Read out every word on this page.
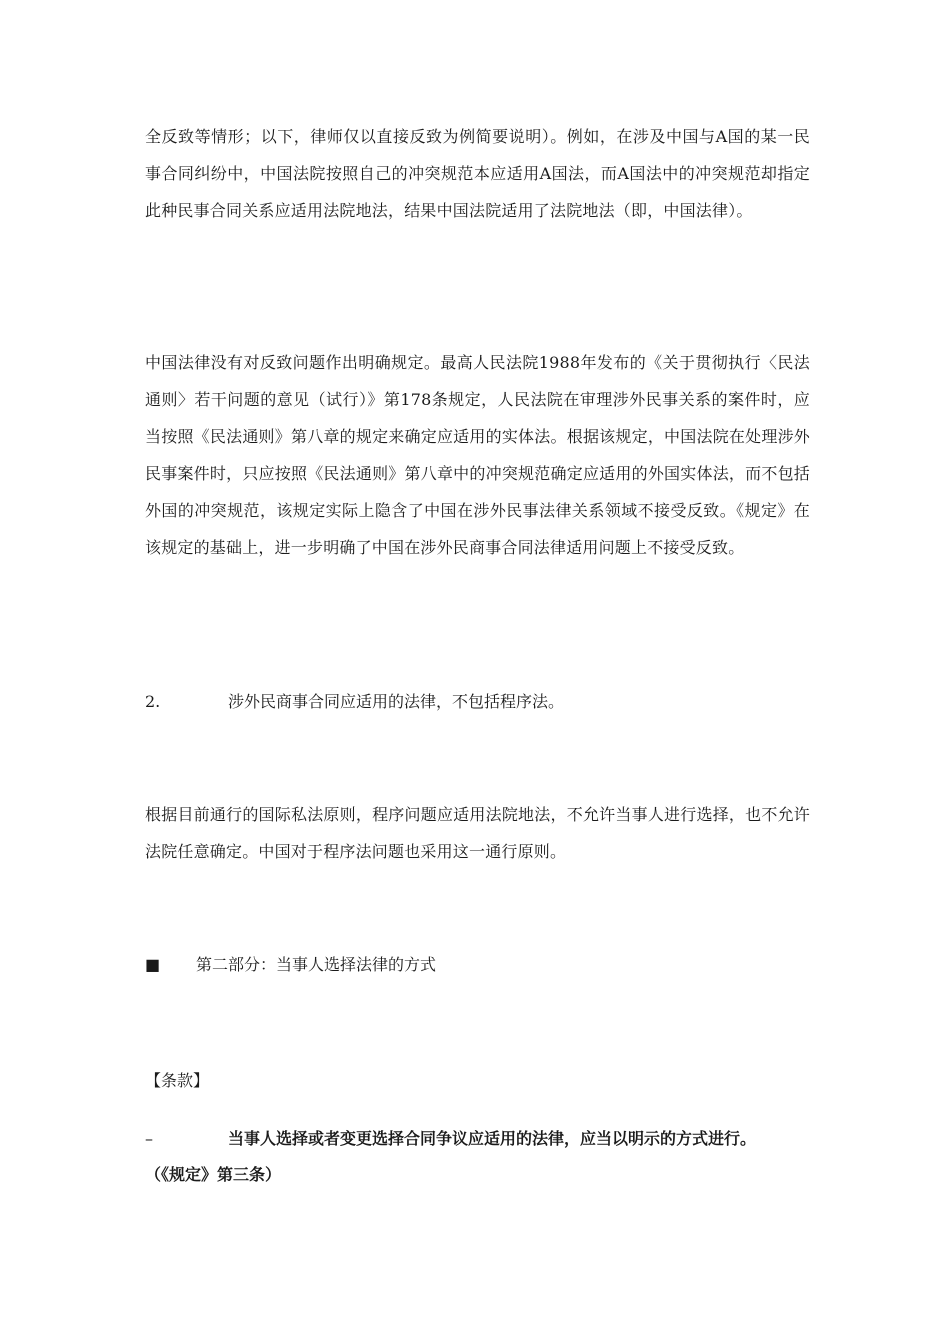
全反致等情形；以下，律师仅以直接反致为例简要说明）。例如，在涉及中国与A国的某一民事合同纠纷中，中国法院按照自己的冲突规范本应适用A国法，而A国法中的冲突规范却指定此种民事合同关系应适用法院地法，结果中国法院适用了法院地法（即，中国法律）。

中国法律没有对反致问题作出明确规定。最高人民法院1988年发布的《关于贯彻执行〈民法通则〉若干问题的意见（试行）》第178条规定，人民法院在审理涉外民事关系的案件时，应当按照《民法通则》第八章的规定来确定应适用的实体法。根据该规定，中国法院在处理涉外民事案件时，只应按照《民法通则》第八章中的冲突规范确定应适用的外国实体法，而不包括外国的冲突规范，该规定实际上隐含了中国在涉外民事法律关系领域不接受反致。《规定》在该规定的基础上，进一步明确了中国在涉外民商事合同法律适用问题上不接受反致。

2.	涉外民商事合同应适用的法律，不包括程序法。

根据目前通行的国际私法原则，程序问题应适用法院地法，不允许当事人进行选择，也不允许法院任意确定。中国对于程序法问题也采用这一通行原则。

■ 第二部分：当事人选择法律的方式
【条款】
–	当事人选择或者变更选择合同争议应适用的法律，应当以明示的方式进行。
（《规定》第三条）
